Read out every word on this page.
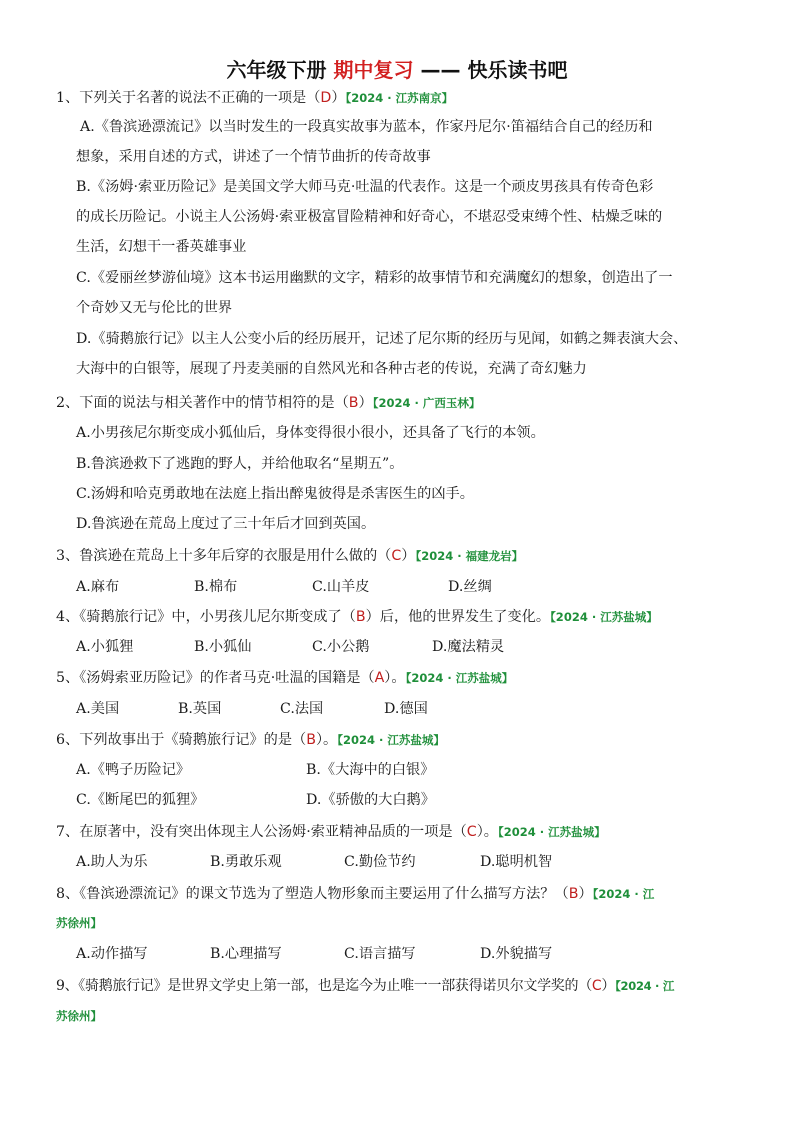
六年级下册 期中复习 —— 快乐读书吧
1、下列关于名著的说法不正确的一项是（D）【2024 · 江苏南京】
A.《鲁滨逊漂流记》以当时发生的一段真实故事为蓝本，作家丹尼尔·笛福结合自己的经历和
想象，采用自述的方式，讲述了一个情节曲折的传奇故事
B.《汤姆·索亚历险记》是美国文学大师马克·吐温的代表作。这是一个顽皮男孩具有传奇色彩
的成长历险记。小说主人公汤姆·索亚极富冒险精神和好奇心，不堪忍受束缚个性、枯燥乏味的
生活，幻想干一番英雄事业
C.《爱丽丝梦游仙境》这本书运用幽默的文字，精彩的故事情节和充满魔幻的想象，创造出了一
个奇妙又无与伦比的世界
D.《骑鹅旅行记》以主人公变小后的经历展开，记述了尼尔斯的经历与见闻，如鹤之舞表演大会、
大海中的白银等，展现了丹麦美丽的自然风光和各种古老的传说，充满了奇幻魅力
2、下面的说法与相关著作中的情节相符的是（B）【2024 · 广西玉林】
A.小男孩尼尔斯变成小狐仙后，身体变得很小很小，还具备了飞行的本领。
B.鲁滨逊救下了逃跑的野人，并给他取名“星期五”。
C.汤姆和哈克勇敢地在法庭上指出醉鬼彼得是杀害医生的凶手。
D.鲁滨逊在荒岛上度过了三十年后才回到英国。
3、鲁滨逊在荒岛上十多年后穿的衣服是用什么做的（C）【2024 · 福建龙岩】
A.麻布	B.棉布	C.山羊皮	D.丝绸
4、《骑鹅旅行记》中，小男孩儿尼尔斯变成了（B）后，他的世界发生了变化。【2024 · 江苏盐城】
A.小狐狸	B.小狐仙	C.小公鹅	D.魔法精灵
5、《汤姆索亚历险记》的作者马克·吐温的国籍是（A）。【2024 · 江苏盐城】
A.美国	B.英国	C.法国	D.德国
6、下列故事出于《骑鹅旅行记》的是（B）。【2024 · 江苏盐城】
A.《鸭子历险记》	B.《大海中的白银》
C.《断尾巴的狐狸》	D.《骄傲的大白鹅》
7、在原著中，没有突出体现主人公汤姆·索亚精神品质的一项是（C）。【2024 · 江苏盐城】
A.助人为乐	B.勇敢乐观	C.勤俭节约	D.聪明机智
8、《鲁滨逊漂流记》的课文节选为了塑造人物形象而主要运用了什么描写方法？（B）【2024 · 江
苏徐州】
A.动作描写	B.心理描写	C.语言描写	D.外貌描写
9、《骑鹅旅行记》是世界文学史上第一部，也是迄今为止唯一一部获得诺贝尔文学奖的（C）【2024 · 江
苏徐州】
